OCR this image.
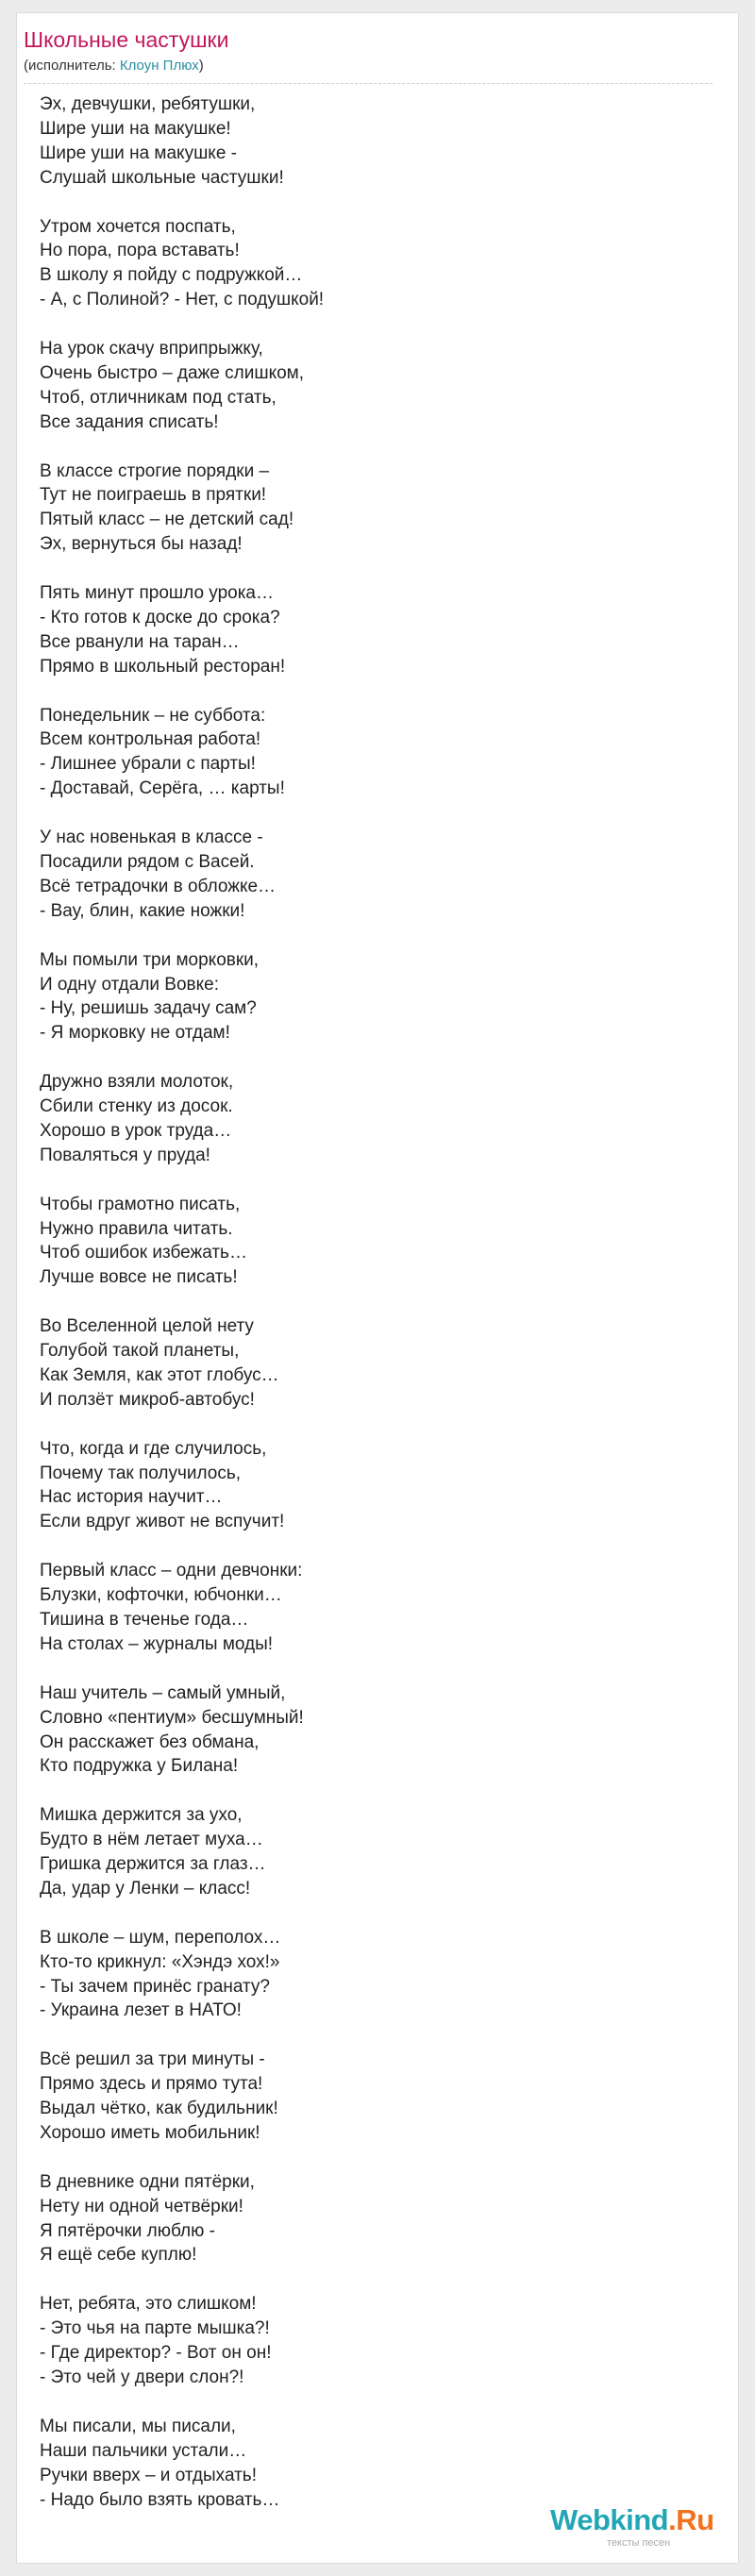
Школьные частушки
(исполнитель: Клоун Плюх)
Эх, девчушки, ребятушки,
Шире уши на макушке!
Шире уши на макушке -
Слушай школьные частушки!
Утром хочется поспать,
Но пора, пора вставать!
В школу я пойду с подружкой…
- А, с Полиной? - Нет, с подушкой!
На урок скачу вприпрыжку,
Очень быстро – даже слишком,
Чтоб, отличникам под стать,
Все задания списать!
В классе строгие порядки –
Тут не поиграешь в прятки!
Пятый класс – не детский сад!
Эх, вернуться бы назад!
Пять минут прошло урока…
- Кто готов к доске до срока?
Все рванули на таран…
Прямо в школьный ресторан!
Понедельник – не суббота:
Всем контрольная работа!
- Лишнее убрали с парты!
- Доставай, Серёга, … карты!
У нас новенькая в классе -
Посадили рядом с Васей.
Всё тетрадочки в обложке…
- Вау, блин, какие ножки!
Мы помыли три морковки,
И одну отдали Вовке:
- Ну, решишь задачу сам?
- Я морковку не отдам!
Дружно взяли молоток,
Сбили стенку из досок.
Хорошо в урок труда…
Поваляться у пруда!
Чтобы грамотно писать,
Нужно правила читать.
Чтоб ошибок избежать…
Лучше вовсе не писать!
Во Вселенной целой нету
Голубой такой планеты,
Как Земля, как этот глобус…
И ползёт микроб-автобус!
Что, когда и где случилось,
Почему так получилось,
Нас история научит…
Если вдруг живот не вспучит!
Первый класс – одни девчонки:
Блузки, кофточки, юбчонки…
Тишина в теченье года…
На столах – журналы моды!
Наш учитель – самый умный,
Словно «пентиум» бесшумный!
Он расскажет без обмана,
Кто подружка у Билана!
Мишка держится за ухо,
Будто в нём летает муха…
Гришка держится за глаз…
Да, удар у Ленки – класс!
В школе – шум, переполох…
Кто-то крикнул: «Хэндэ хох!»
- Ты зачем принёс гранату?
- Украина лезет в НАТО!
Всё решил за три минуты -
Прямо здесь и прямо тута!
Выдал чётко, как будильник!
Хорошо иметь мобильник!
В дневнике одни пятёрки,
Нету ни одной четвёрки!
Я пятёрочки люблю -
Я ещё себе куплю!
Нет, ребята, это слишком!
- Это чья на парте мышка?!
- Где директор? - Вот он он!
- Это чей у двери слон?!
Мы писали, мы писали,
Наши пальчики устали…
Ручки вверх – и отдыхать!
- Надо было взять кровать…
Webkind.Ru
тексты песен
